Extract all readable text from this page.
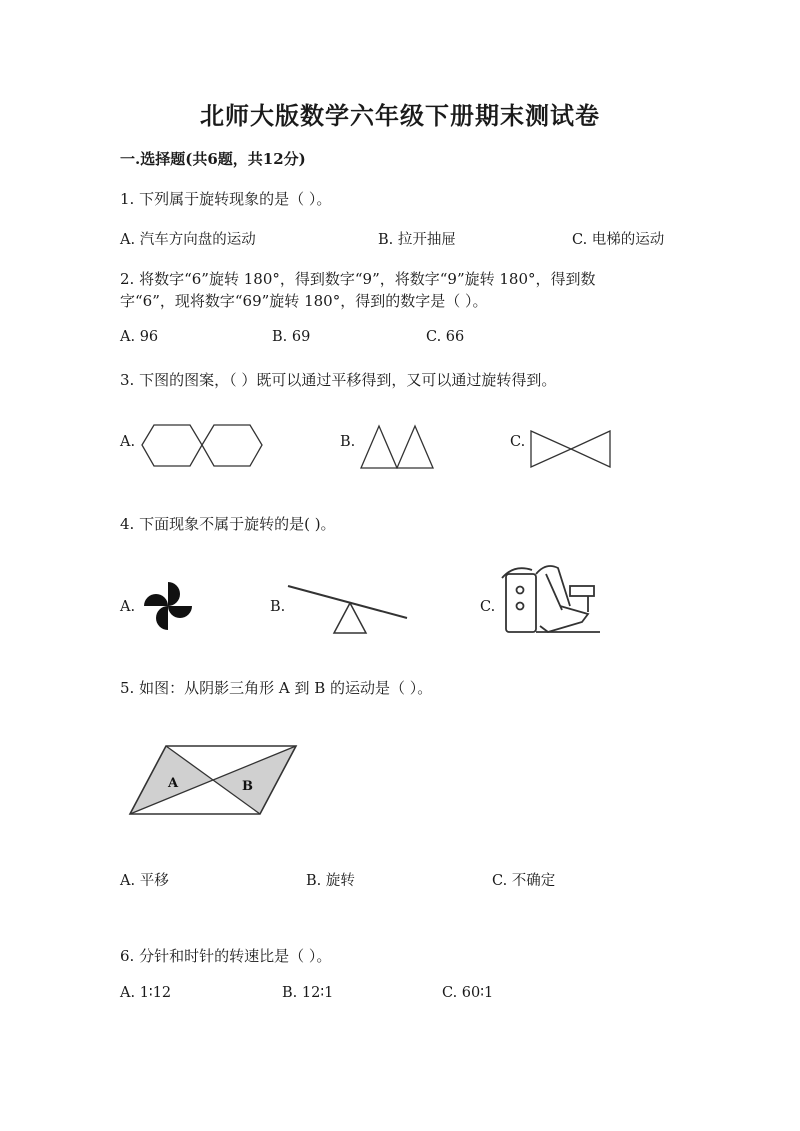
北师大版数学六年级下册期末测试卷
一.选择题(共6题，共12分)
1. 下列属于旋转现象的是（ ）。
A. 汽车方向盘的运动	B. 拉开抽屉	C. 电梯的运动
2. 将数字“6”旋转 180°，得到数字“9”，将数字“9”旋转 180°，得到数
字“6”，现将数字“69”旋转 180°，得到的数字是（ ）。
A. 96	B. 69	C. 66
3. 下图的图案，（ ）既可以通过平移得到，又可以通过旋转得到。
A.	B.	C.
4. 下面现象不属于旋转的是( )。
A.	B.	C.
5. 如图：从阴影三角形 A 到 B 的运动是（ ）。
A	B
A. 平移	B. 旋转	C. 不确定
6. 分针和时针的转速比是（ ）。
A. 1∶12	B. 12∶1	C. 60∶1
